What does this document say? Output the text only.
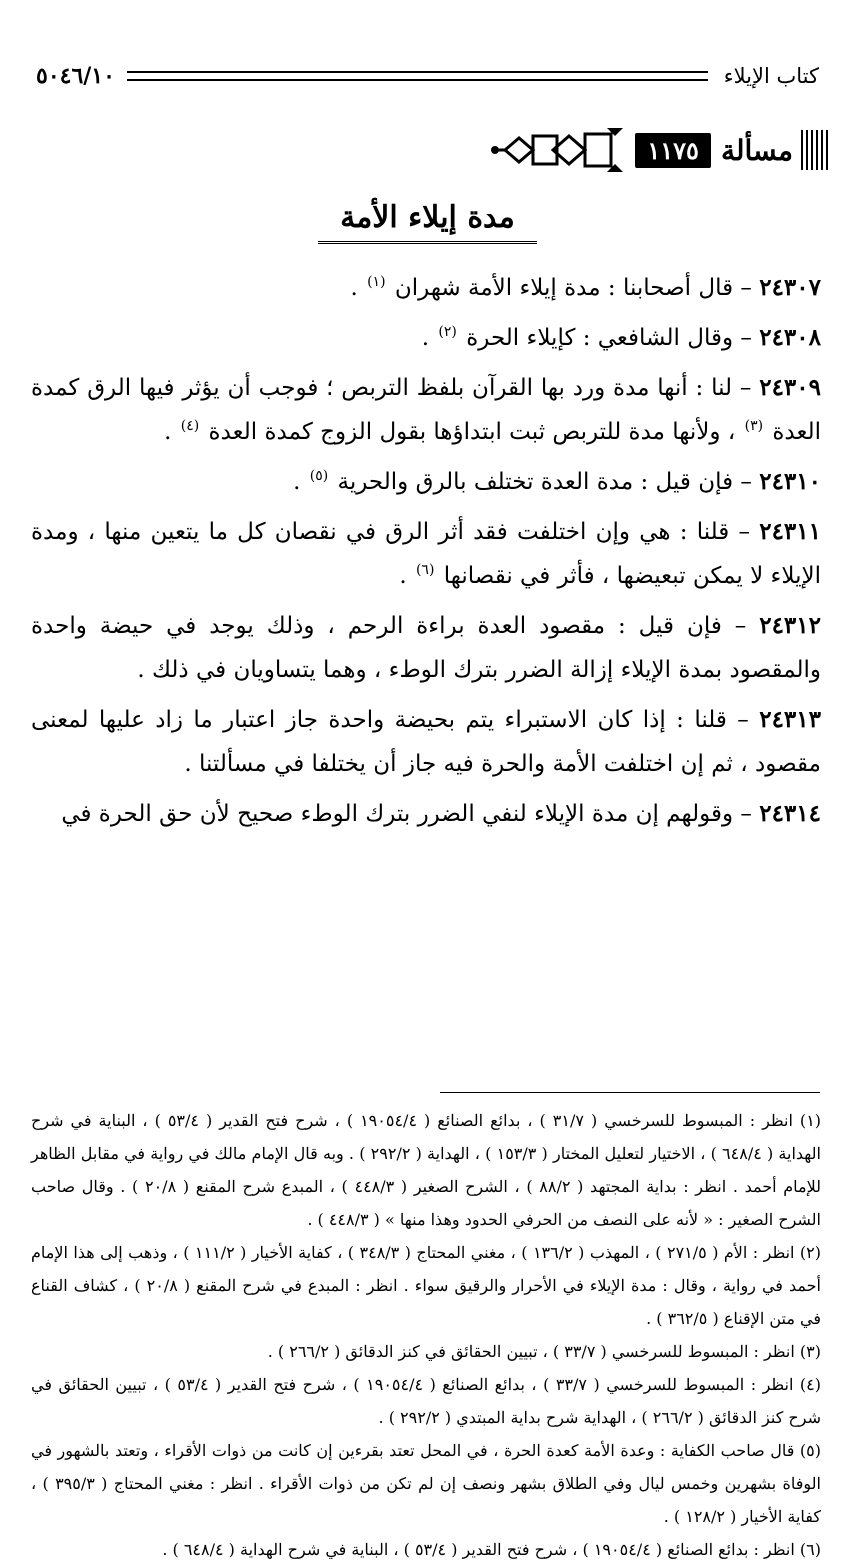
كتاب الإيلاء
٥٠٤٦/١٠
مسألة
١١٧٥
مدة إيلاء الأمة

٢٤٣٠٧ – قال أصحابنا : مدة إيلاء الأمة شهران $^{(١)}$ .

٢٤٣٠٨ – وقال الشافعي : كإيلاء الحرة $^{(٢)}$ .

٢٤٣٠٩ – لنا : أنها مدة ورد بها القرآن بلفظ التربص ؛ فوجب أن يؤثر فيها الرق كمدة العدة $^{(٣)}$ ، ولأنها مدة للتربص ثبت ابتداؤها بقول الزوج كمدة العدة $^{(٤)}$ .

٢٤٣١٠ – فإن قيل : مدة العدة تختلف بالرق والحرية $^{(٥)}$ .

٢٤٣١١ – قلنا : هي وإن اختلفت فقد أثر الرق في نقصان كل ما يتعين منها ، ومدة الإيلاء لا يمكن تبعيضها ، فأثر في نقصانها $^{(٦)}$ .

٢٤٣١٢ – فإن قيل : مقصود العدة براءة الرحم ، وذلك يوجد في حيضة واحدة والمقصود بمدة الإيلاء إزالة الضرر بترك الوطء ، وهما يتساويان في ذلك .

٢٤٣١٣ – قلنا : إذا كان الاستبراء يتم بحيضة واحدة جاز اعتبار ما زاد عليها لمعنى مقصود ، ثم إن اختلفت الأمة والحرة فيه جاز أن يختلفا في مسألتنا .

٢٤٣١٤ – وقولهم إن مدة الإيلاء لنفي الضرر بترك الوطء صحيح لأن حق الحرة في

(١) انظر : المبسوط للسرخسي ( ٣١/٧ ) ، بدائع الصنائع ( ١٩٠٥٤/٤ ) ، شرح فتح القدير ( ٥٣/٤ ) ، البناية في شرح الهداية ( ٦٤٨/٤ ) ، الاختيار لتعليل المختار ( ١٥٣/٣ ) ، الهداية ( ٢٩٢/٢ ) . وبه قال الإمام مالك في رواية في مقابل الظاهر للإمام أحمد . انظر : بداية المجتهد ( ٨٨/٢ ) ، الشرح الصغير ( ٤٤٨/٣ ) ، المبدع شرح المقنع ( ٢٠/٨ ) . وقال صاحب الشرح الصغير : « لأنه على النصف من الحرفي الحدود وهذا منها » ( ٤٤٨/٣ ) .

(٢) انظر : الأم ( ٢٧١/٥ ) ، المهذب ( ١٣٦/٢ ) ، مغني المحتاج ( ٣٤٨/٣ ) ، كفاية الأخيار ( ١١١/٢ ) ، وذهب إلى هذا الإمام أحمد في رواية ، وقال : مدة الإيلاء في الأحرار والرقيق سواء . انظر : المبدع في شرح المقنع ( ٢٠/٨ ) ، كشاف القناع في متن الإقناع ( ٣٦٢/٥ ) .

(٣) انظر : المبسوط للسرخسي ( ٣٣/٧ ) ، تبيين الحقائق في كنز الدقائق ( ٢٦٦/٢ ) .

(٤) انظر : المبسوط للسرخسي ( ٣٣/٧ ) ، بدائع الصنائع ( ١٩٠٥٤/٤ ) ، شرح فتح القدير ( ٥٣/٤ ) ، تبيين الحقائق في شرح كنز الدقائق ( ٢٦٦/٢ ) ، الهداية شرح بداية المبتدي ( ٢٩٢/٢ ) .

(٥) قال صاحب الكفاية : وعدة الأمة كعدة الحرة ، في المحل تعتد بقرءين إن كانت من ذوات الأقراء ، وتعتد بالشهور في الوفاة بشهرين وخمس ليال وفي الطلاق بشهر ونصف إن لم تكن من ذوات الأقراء . انظر : مغني المحتاج ( ٣٩٥/٣ ) ، كفاية الأخيار ( ١٢٨/٢ ) .

(٦) انظر : بدائع الصنائع ( ١٩٠٥٤/٤ ) ، شرح فتح القدير ( ٥٣/٤ ) ، البناية في شرح الهداية ( ٦٤٨/٤ ) .
